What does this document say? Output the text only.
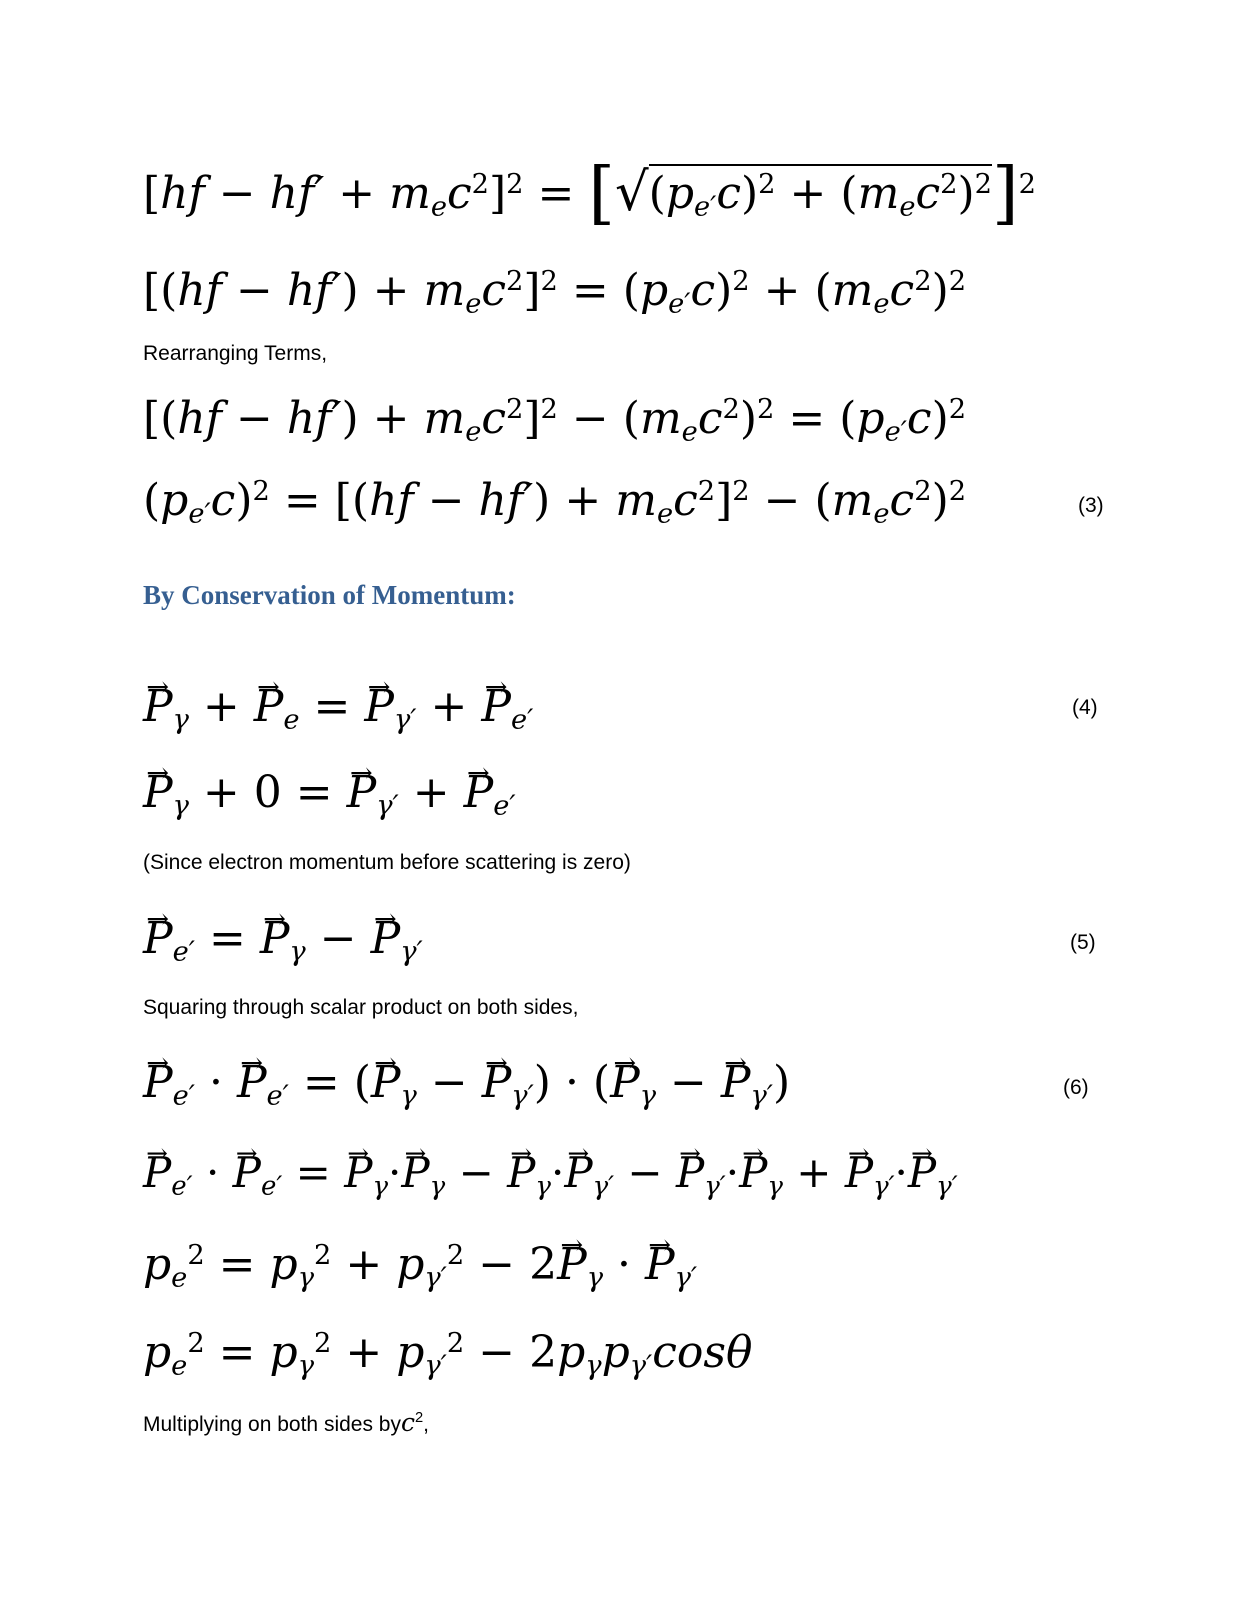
$[hf - hf' + m_ec^2]^2 = [√(p_{e'}c)^2 + (m_ec^2)^2]^2$
$[(hf - hf') + m_ec^2]^2 = (p_{e'}c)^2 + (m_ec^2)^2$
Rearranging Terms,
$[(hf - hf') + m_ec^2]^2 - (m_ec^2)^2 = (p_{e'}c)^2$
$(p_{e'}c)^2 = [(hf - hf') + m_ec^2]^2 - (m_ec^2)^2$	(3)
By Conservation of Momentum:
→ $P_\gamma$ + → $P_e$ = → $P_{\gamma'}$ + → $P_{e'}$	(4)
→ $P_\gamma + 0$ = → $P_{\gamma'}$ + → $P_{e'}$
(Since electron momentum before scattering is zero)
→ $P_{e'}$ = → $P_\gamma$ − → $P_{\gamma'}$	(5)
Squaring through scalar product on both sides,
→ $P_{e'}$ · → $P_{e'}$ = (→ $P_\gamma$ − → $P_{\gamma'}$) · (→ $P_\gamma$ − → $P_{\gamma'}$)	(6)
→ $P_{e'}$ · → $P_{e'}$ = → $P_\gamma\cdot\to P_\gamma$ − → $P_\gamma\cdot\to P_{\gamma'}$ − → $P_{\gamma'}\cdot\to P_\gamma$ + → $P_{\gamma'}\cdot\to P_{\gamma'}$
$p_e^2 = p_\gamma^2 + p_{\gamma'}^2 - 2\to P_\gamma$ · → $P_{\gamma'}$
$p_e^2 = p_\gamma^2 + p_{\gamma'}^2 - 2p_\gamma p_{\gamma'}\cos\theta$
Multiplying on both sides byc$^2$,
